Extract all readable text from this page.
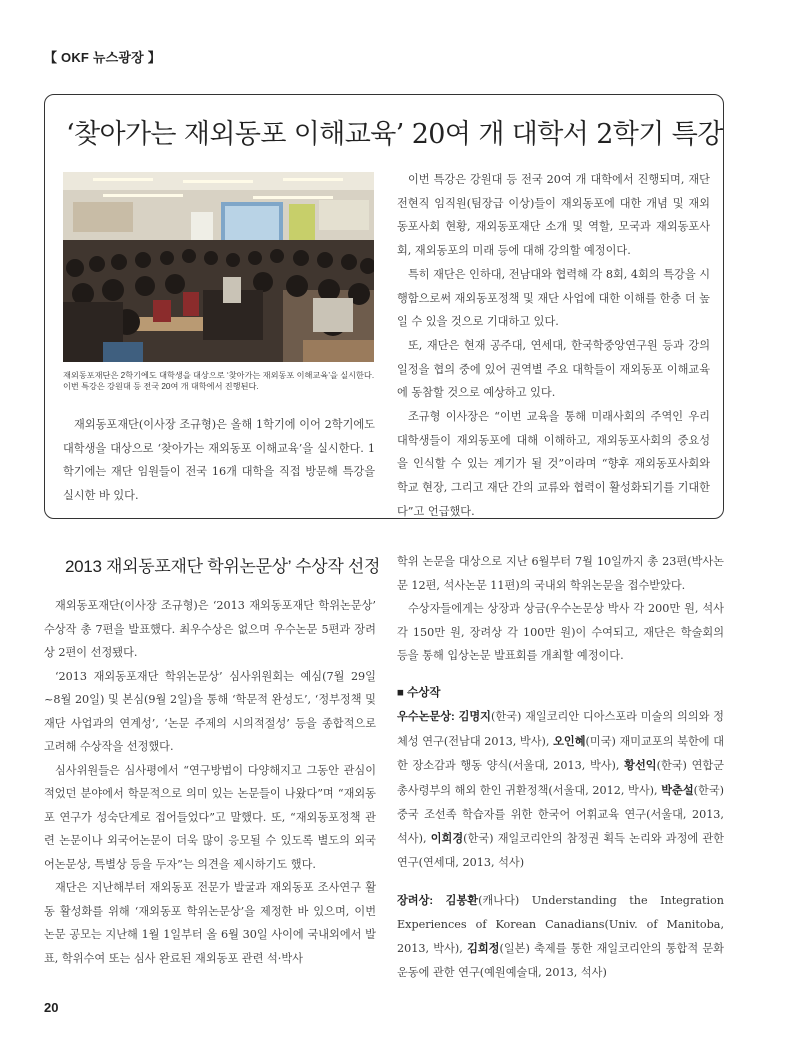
【 OKF 뉴스광장 】
‘찾아가는 재외동포 이해교육’ 20여 개 대학서 2학기 특강
재외동포재단은 2학기에도 대학생을 대상으로 ‘찾아가는 재외동포 이해교육’을 실시한다. 이번 특강은 강원대 등 전국 20여 개 대학에서 진행된다.

재외동포재단(이사장 조규형)은 올해 1학기에 이어 2학기에도 대학생을 대상으로 ‘찾아가는 재외동포 이해교육’을 실시한다. 1학기에는 재단 임원들이 전국 16개 대학을 직접 방문해 특강을 실시한 바 있다.

이번 특강은 강원대 등 전국 20여 개 대학에서 진행되며, 재단 전현직 임직원(팀장급 이상)들이 재외동포에 대한 개념 및 재외동포사회 현황, 재외동포재단 소개 및 역할, 모국과 재외동포사회, 재외동포의 미래 등에 대해 강의할 예정이다.

특히 재단은 인하대, 전남대와 협력해 각 8회, 4회의 특강을 시행함으로써 재외동포정책 및 재단 사업에 대한 이해를 한층 더 높일 수 있을 것으로 기대하고 있다.

또, 재단은 현재 공주대, 연세대, 한국학중앙연구원 등과 강의일정을 협의 중에 있어 권역별 주요 대학들이 재외동포 이해교육에 동참할 것으로 예상하고 있다.

조규형 이사장은 “이번 교육을 통해 미래사회의 주역인 우리 대학생들이 재외동포에 대해 이해하고, 재외동포사회의 중요성을 인식할 수 있는 계기가 될 것”이라며 “향후 재외동포사회와 학교 현장, 그리고 재단 간의 교류와 협력이 활성화되기를 기대한다”고 언급했다.

2013 재외동포재단 학위논문상’ 수상작 선정

재외동포재단(이사장 조규형)은 ‘2013 재외동포재단 학위논문상’ 수상작 총 7편을 발표했다. 최우수상은 없으며 우수논문 5편과 장려상 2편이 선정됐다.

‘2013 재외동포재단 학위논문상’ 심사위원회는 예심(7월 29일~8월 20일) 및 본심(9월 2일)을 통해 ‘학문적 완성도’, ‘정부정책 및 재단 사업과의 연계성’, ‘논문 주제의 시의적절성’ 등을 종합적으로 고려해 수상작을 선정했다.

심사위원들은 심사평에서 “연구방법이 다양해지고 그동안 관심이 적었던 분야에서 학문적으로 의미 있는 논문들이 나왔다”며 “재외동포 연구가 성숙단계로 접어들었다”고 말했다. 또, “재외동포정책 관련 논문이나 외국어논문이 더욱 많이 응모될 수 있도록 별도의 외국어논문상, 특별상 등을 두자”는 의견을 제시하기도 했다.

재단은 지난해부터 재외동포 전문가 발굴과 재외동포 조사연구 활동 활성화를 위해 ‘재외동포 학위논문상’을 제정한 바 있으며, 이번 논문 공모는 지난해 1월 1일부터 올 6월 30일 사이에 국내외에서 발표, 학위수여 또는 심사 완료된 재외동포 관련 석·박사

학위 논문을 대상으로 지난 6월부터 7월 10일까지 총 23편(박사논문 12편, 석사논문 11편)의 국내외 학위논문을 접수받았다.

수상자들에게는 상장과 상금(우수논문상 박사 각 200만 원, 석사 각 150만 원, 장려상 각 100만 원)이 수여되고, 재단은 학술회의 등을 통해 입상논문 발표회를 개최할 예정이다.

■ 수상작

우수논문상: 김명지(한국) 재일코리안 디아스포라 미술의 의의와 정체성 연구(전남대 2013, 박사), 오인혜(미국) 재미교포의 북한에 대한 장소감과 행동 양식(서울대, 2013, 박사), 황선익(한국) 연합군총사령부의 해외 한인 귀환정책(서울대, 2012, 박사), 박춘설(한국) 중국 조선족 학습자를 위한 한국어 어휘교육 연구(서울대, 2013, 석사), 이희경(한국) 재일코리안의 참정권 획득 논리와 과정에 관한 연구(연세대, 2013, 석사)

장려상: 김봉환(캐나다) Understanding the Integration Experiences of Korean Canadians(Univ. of Manitoba, 2013, 박사), 김희정(일본) 축제를 통한 재일코리안의 통합적 문화운동에 관한 연구(예원예술대, 2013, 석사)

20
